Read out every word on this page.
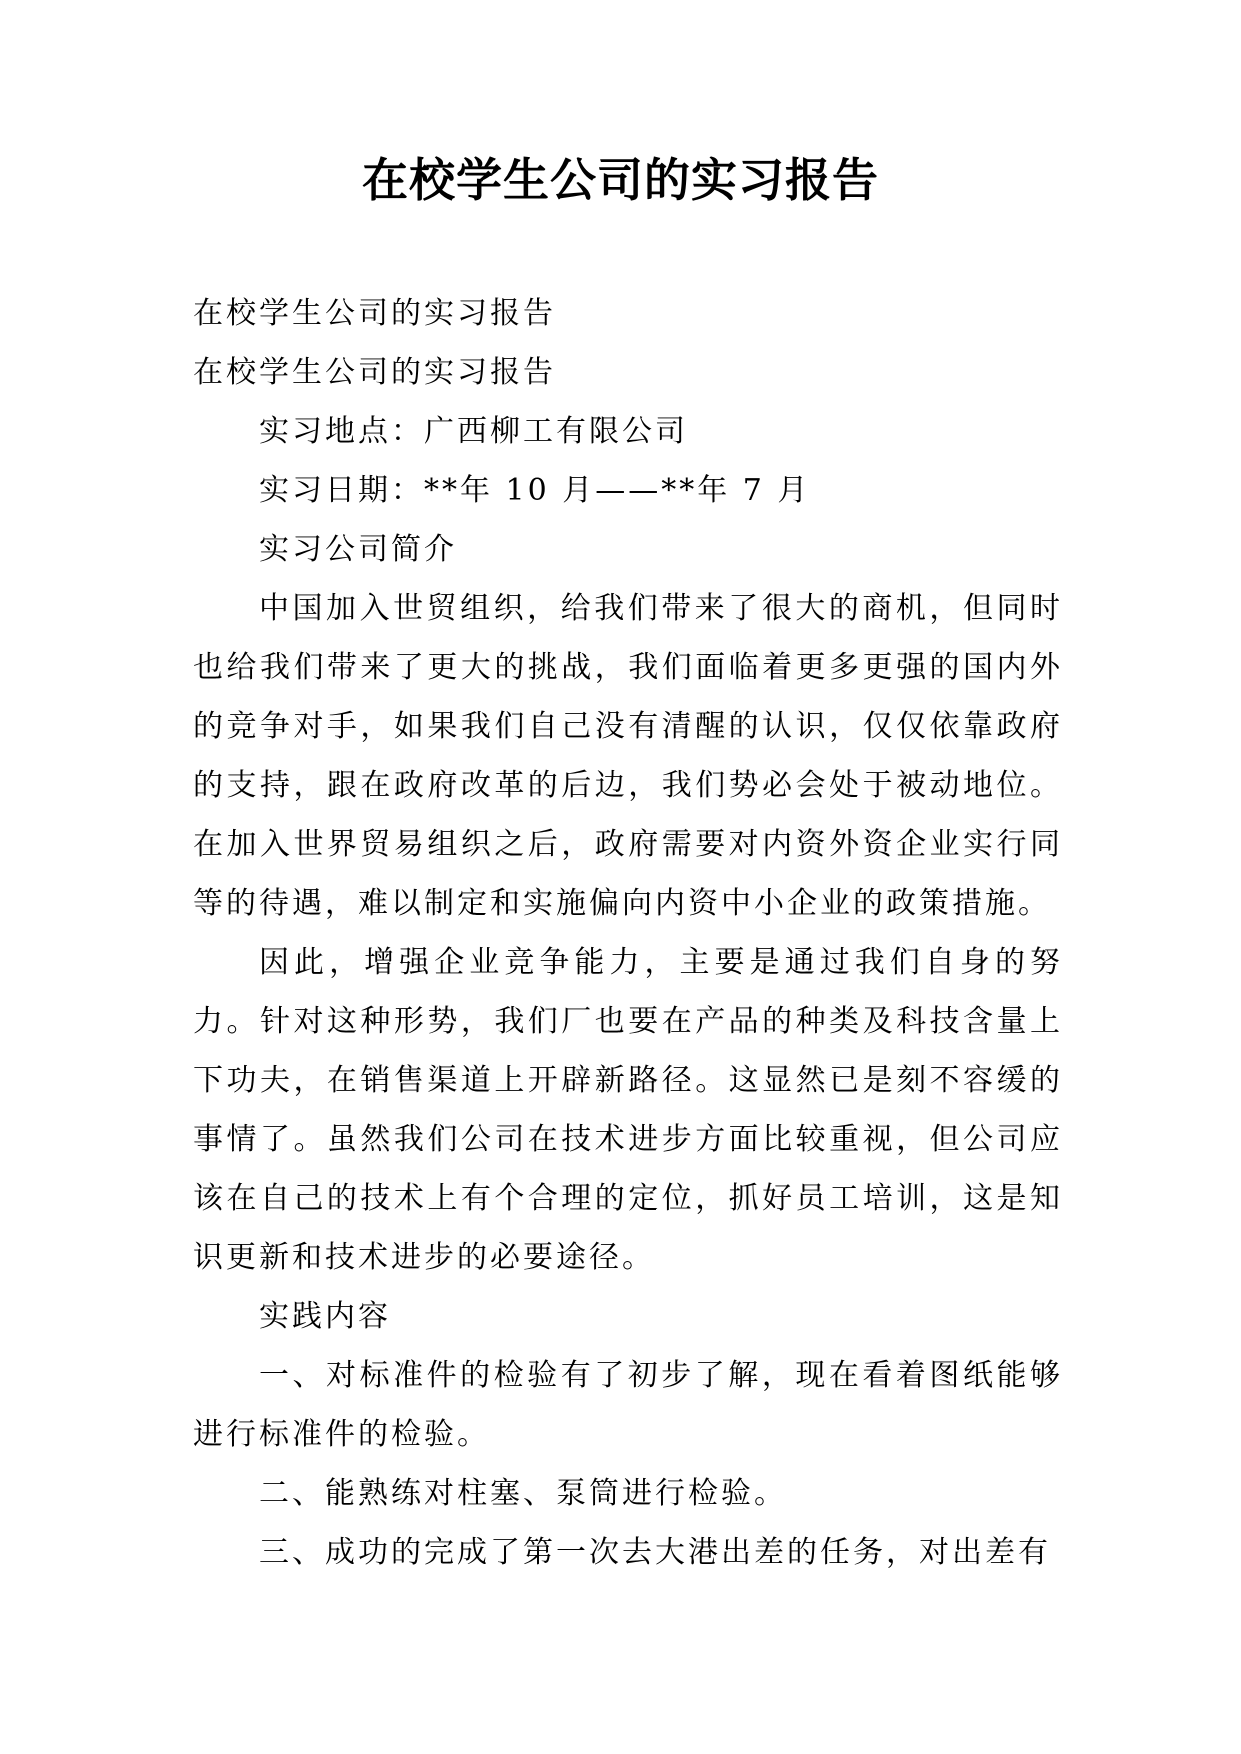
在校学生公司的实习报告

在校学生公司的实习报告

在校学生公司的实习报告

实习地点：广西柳工有限公司

实习日期：**年 10 月——**年 7 月

实习公司简介

中国加入世贸组织，给我们带来了很大的商机，但同时也给我们带来了更大的挑战，我们面临着更多更强的国内外的竞争对手，如果我们自己没有清醒的认识，仅仅依靠政府的支持，跟在政府改革的后边，我们势必会处于被动地位。在加入世界贸易组织之后，政府需要对内资外资企业实行同等的待遇，难以制定和实施偏向内资中小企业的政策措施。

因此，增强企业竞争能力，主要是通过我们自身的努力。针对这种形势，我们厂也要在产品的种类及科技含量上下功夫，在销售渠道上开辟新路径。这显然已是刻不容缓的事情了。虽然我们公司在技术进步方面比较重视，但公司应该在自己的技术上有个合理的定位，抓好员工培训，这是知识更新和技术进步的必要途径。

实践内容

一、对标准件的检验有了初步了解，现在看着图纸能够进行标准件的检验。

二、能熟练对柱塞、泵筒进行检验。

三、成功的完成了第一次去大港出差的任务，对出差有
